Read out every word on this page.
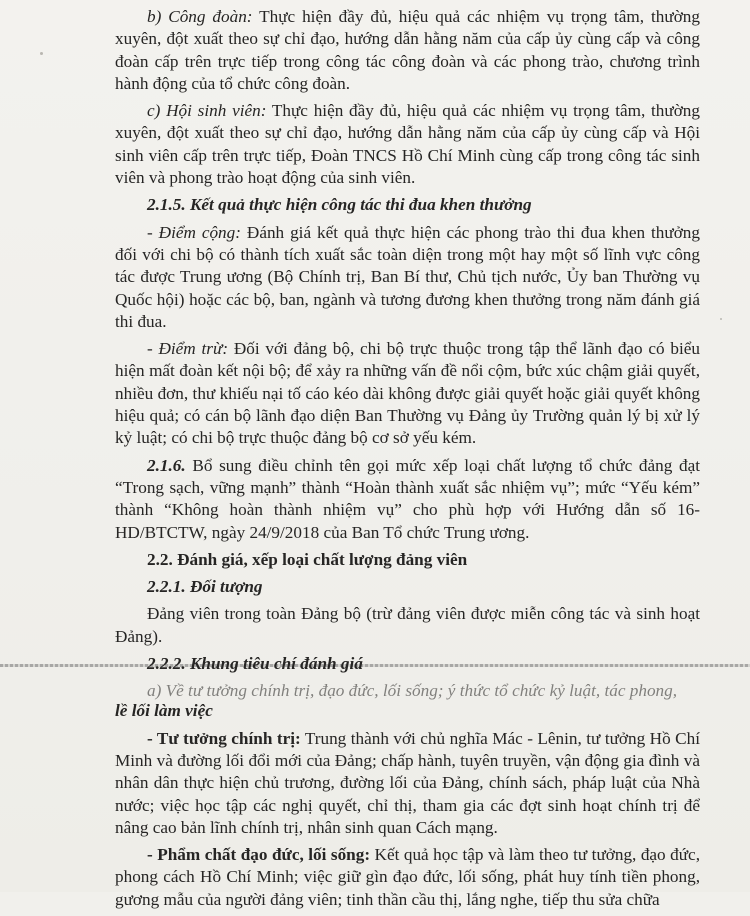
b) Công đoàn: Thực hiện đầy đủ, hiệu quả các nhiệm vụ trọng tâm, thường xuyên, đột xuất theo sự chỉ đạo, hướng dẫn hằng năm của cấp ủy cùng cấp và công đoàn cấp trên trực tiếp trong công tác công đoàn và các phong trào, chương trình hành động của tổ chức công đoàn.

c) Hội sinh viên: Thực hiện đầy đủ, hiệu quả các nhiệm vụ trọng tâm, thường xuyên, đột xuất theo sự chỉ đạo, hướng dẫn hằng năm của cấp ủy cùng cấp và Hội sinh viên cấp trên trực tiếp, Đoàn TNCS Hồ Chí Minh cùng cấp trong công tác sinh viên và phong trào hoạt động của sinh viên.

2.1.5. Kết quả thực hiện công tác thi đua khen thưởng

- Điểm cộng: Đánh giá kết quả thực hiện các phong trào thi đua khen thưởng đối với chi bộ có thành tích xuất sắc toàn diện trong một hay một số lĩnh vực công tác được Trung ương (Bộ Chính trị, Ban Bí thư, Chủ tịch nước, Ủy ban Thường vụ Quốc hội) hoặc các bộ, ban, ngành và tương đương khen thưởng trong năm đánh giá thi đua.

- Điểm trừ: Đối với đảng bộ, chi bộ trực thuộc trong tập thể lãnh đạo có biểu hiện mất đoàn kết nội bộ; để xảy ra những vấn đề nổi cộm, bức xúc chậm giải quyết, nhiều đơn, thư khiếu nại tố cáo kéo dài không được giải quyết hoặc giải quyết không hiệu quả; có cán bộ lãnh đạo diện Ban Thường vụ Đảng ủy Trường quản lý bị xử lý kỷ luật; có chi bộ trực thuộc đảng bộ cơ sở yếu kém.

2.1.6. Bổ sung điều chỉnh tên gọi mức xếp loại chất lượng tổ chức đảng đạt “Trong sạch, vững mạnh” thành “Hoàn thành xuất sắc nhiệm vụ”; mức “Yếu kém” thành “Không hoàn thành nhiệm vụ” cho phù hợp với Hướng dẫn số 16-HD/BTCTW, ngày 24/9/2018 của Ban Tổ chức Trung ương.

2.2. Đánh giá, xếp loại chất lượng đảng viên

2.2.1. Đối tượng

Đảng viên trong toàn Đảng bộ (trừ đảng viên được miễn công tác và sinh hoạt Đảng).

2.2.2. Khung tiêu chí đánh giá

a) Về tư tưởng chính trị, đạo đức, lối sống; ý thức tổ chức kỷ luật, tác phong,

lề lối làm việc

- Tư tưởng chính trị: Trung thành với chủ nghĩa Mác - Lênin, tư tưởng Hồ Chí Minh và đường lối đổi mới của Đảng; chấp hành, tuyên truyền, vận động gia đình và nhân dân thực hiện chủ trương, đường lối của Đảng, chính sách, pháp luật của Nhà nước; việc học tập các nghị quyết, chỉ thị, tham gia các đợt sinh hoạt chính trị để nâng cao bản lĩnh chính trị, nhân sinh quan Cách mạng.

- Phẩm chất đạo đức, lối sống: Kết quả học tập và làm theo tư tưởng, đạo đức, phong cách Hồ Chí Minh; việc giữ gìn đạo đức, lối sống, phát huy tính tiền phong, gương mẫu của người đảng viên; tinh thần cầu thị, lắng nghe, tiếp thu sửa chữa
